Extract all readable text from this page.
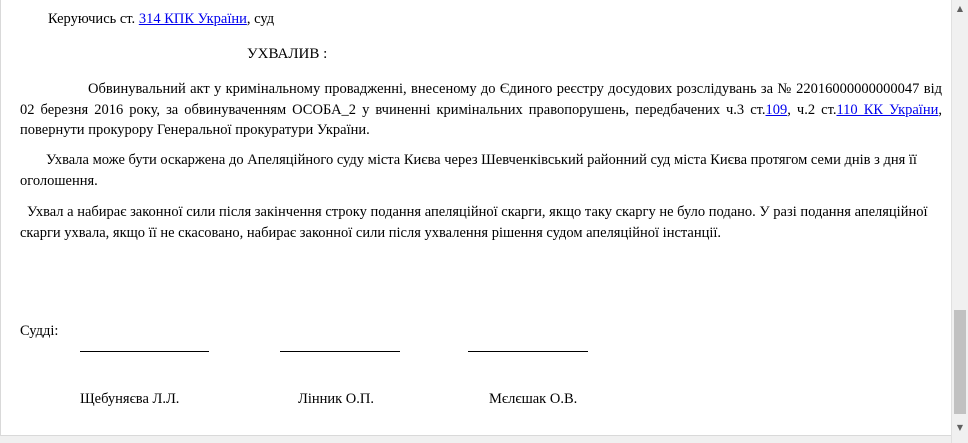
Керуючись ст. 314 КПК України, суд

УХВАЛИВ :

Обвинувальний акт у кримінальному провадженні, внесеному до Єдиного реєстру досудових розслідувань за № 22016000000000047 від 02 березня 2016 року, за обвинуваченням ОСОБА_2 у вчиненні кримінальних правопорушень, передбачених ч.3 ст.109, ч.2 ст.110 КК України, повернути прокурору Генеральної прокуратури України.

Ухвала може бути оскаржена до Апеляційного суду міста Києва через Шевченківський районний суд міста Києва протягом семи днів з дня її оголошення.

Ухвал а набирає законної сили після закінчення строку подання апеляційної скарги, якщо таку скаргу не було подано. У разі подання апеляційної скарги ухвала, якщо її не скасовано, набирає законної сили після ухвалення рішення судом апеляційної інстанції.

Судді:

Щебуняєва Л.Л.	Лінник О.П.	Мєлєшак О.В.
▲
▼
